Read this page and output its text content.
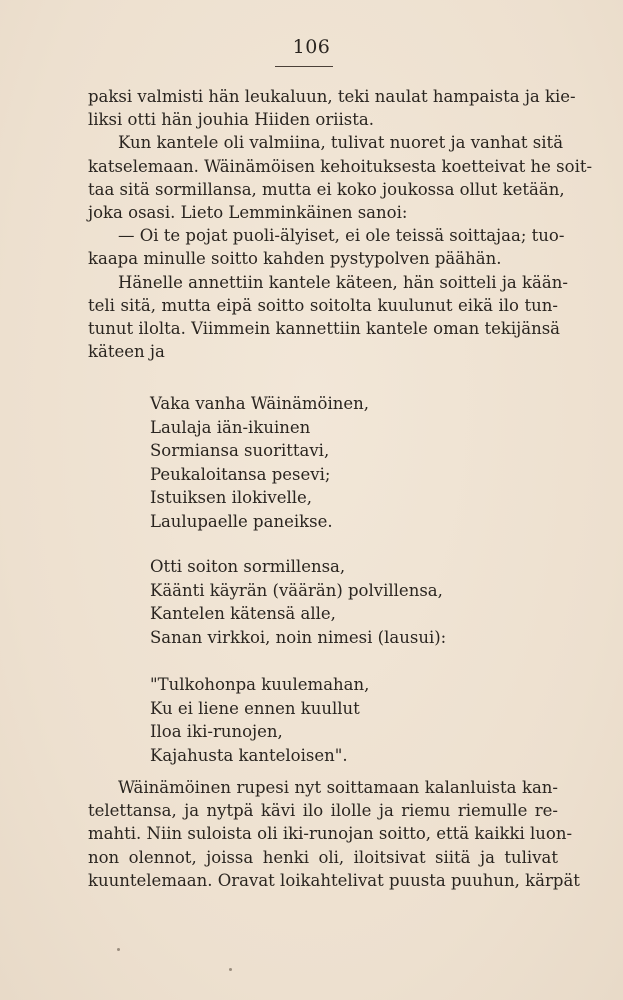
106
paksi valmisti hän leukaluun, teki naulat hampaista ja kie-
liksi otti hän jouhia Hiiden oriista.
Kun kantele oli valmiina, tulivat nuoret ja vanhat sitä
katselemaan. Wäinämöisen kehoituksesta koetteivat he soit-
taa sitä sormillansa, mutta ei koko joukossa ollut ketään,
joka osasi. Lieto Lemminkäinen sanoi:
— Oi te pojat puoli-älyiset, ei ole teissä soittajaa; tuo-
kaapa minulle soitto kahden pystypolven päähän.
Hänelle annettiin kantele käteen, hän soitteli ja kään-
teli sitä, mutta eipä soitto soitolta kuulunut eikä ilo tun-
tunut ilolta. Viimmein kannettiin kantele oman tekijänsä
käteen ja
Vaka vanha Wäinämöinen,
Laulaja iän-ikuinen
Sormiansa suorittavi,
Peukaloitansa pesevi;
Istuiksen ilokivelle,
Laulupaelle paneikse.
Otti soiton sormillensa,
Käänti käyrän (väärän) polvillensa,
Kantelen kätensä alle,
Sanan virkkoi, noin nimesi (lausui):
"Tulkohonpa kuulemahan,
Ku ei liene ennen kuullut
Iloa iki-runojen,
Kajahusta kanteloisen".
Wäinämöinen rupesi nyt soittamaan kalanluista kan-
telettansa, ja nytpä kävi ilo ilolle ja riemu riemulle re-
mahti. Niin suloista oli iki-runojan soitto, että kaikki luon-
non olennot, joissa henki oli, iloitsivat siitä ja tulivat
kuuntelemaan. Oravat loikahtelivat puusta puuhun, kärpät
